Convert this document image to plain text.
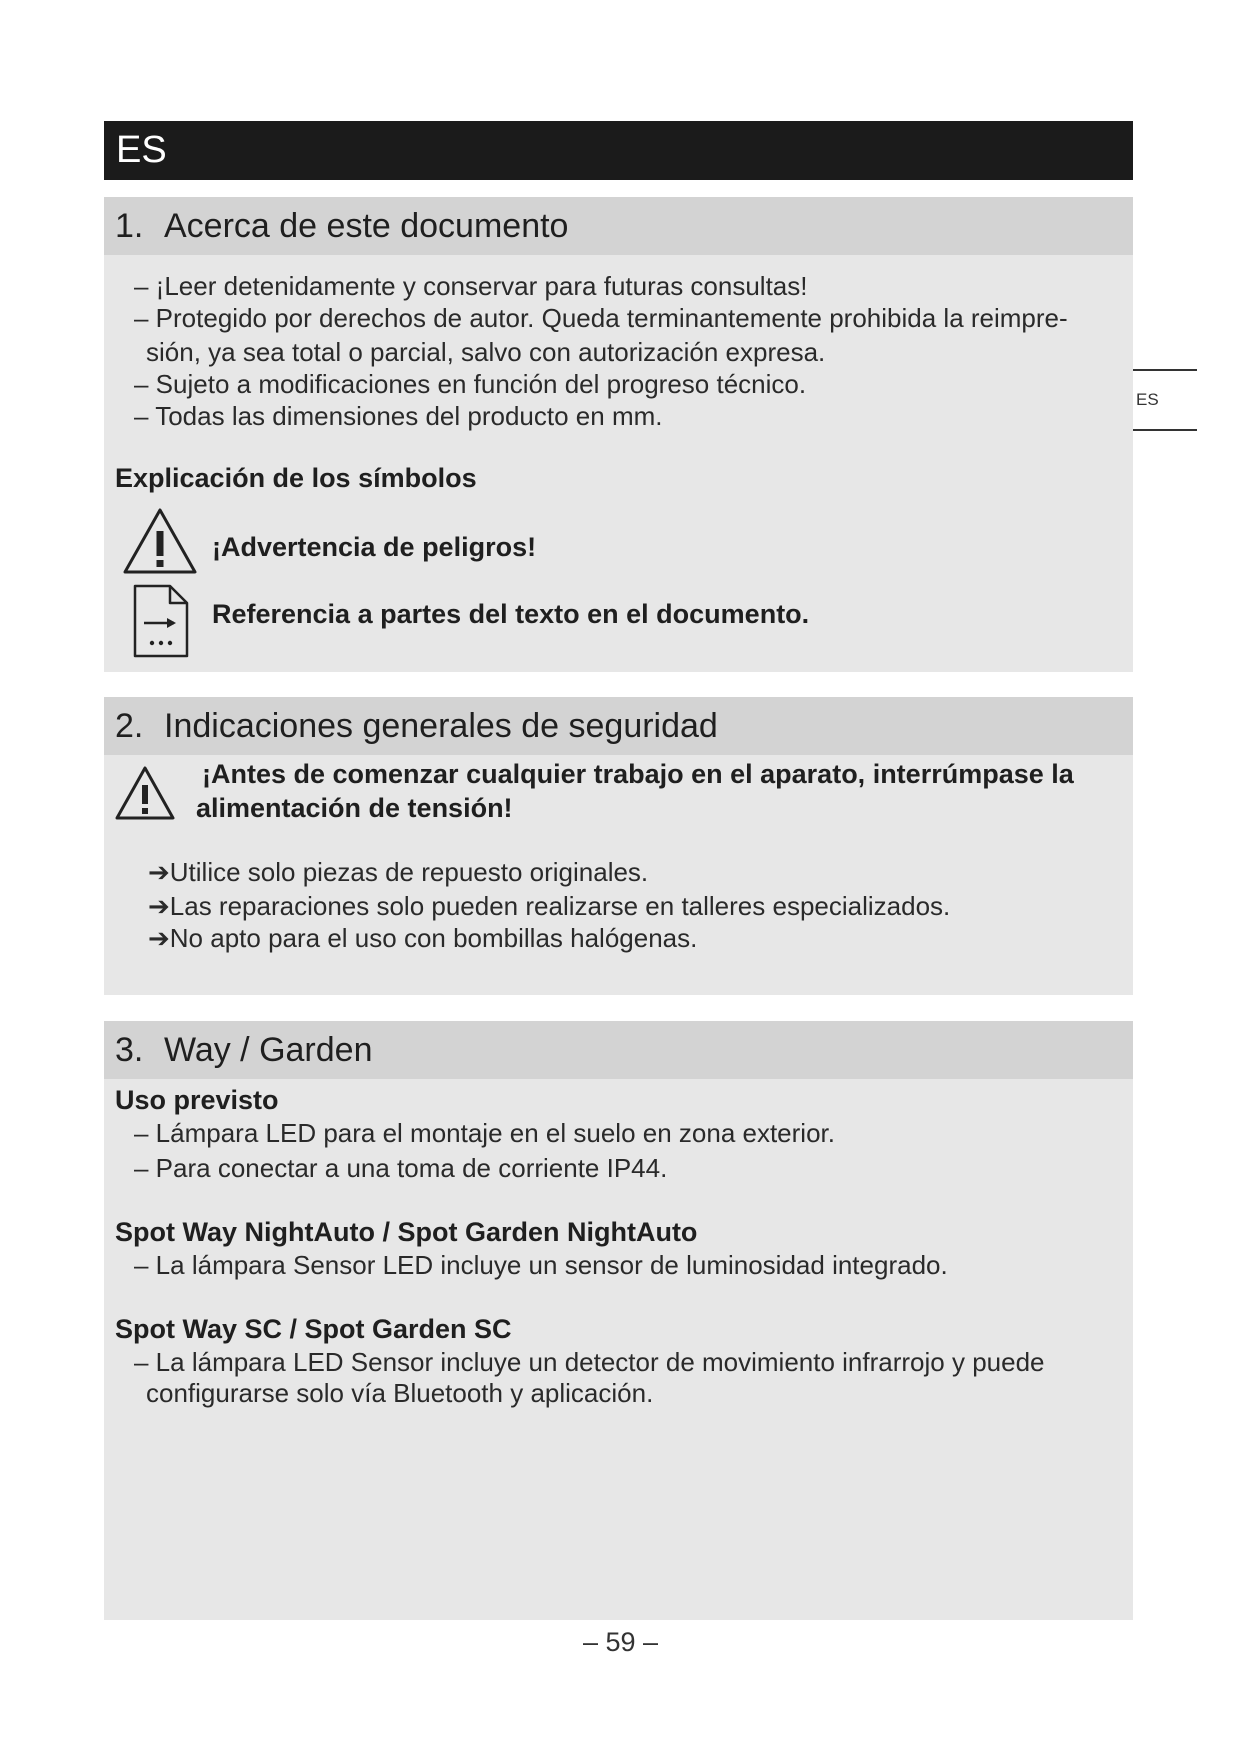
ES
ES
1. Acerca de este documento
– ¡Leer detenidamente y conservar para futuras consultas!
– Protegido por derechos de autor. Queda terminantemente prohibida la reimpre-
sión, ya sea total o parcial, salvo con autorización expresa.
– Sujeto a modificaciones en función del progreso técnico.
– Todas las dimensiones del producto en mm.
Explicación de los símbolos
¡Advertencia de peligros!
Referencia a partes del texto en el documento.
2. Indicaciones generales de seguridad
¡Antes de comenzar cualquier trabajo en el aparato, interrúmpase la
alimentación de tensión!
➔Utilice solo piezas de repuesto originales.
➔Las reparaciones solo pueden realizarse en talleres especializados.
➔No apto para el uso con bombillas halógenas.
3. Way / Garden
Uso previsto
– Lámpara LED para el montaje en el suelo en zona exterior.
– Para conectar a una toma de corriente IP44.
Spot Way NightAuto / Spot Garden NightAuto
– La lámpara Sensor LED incluye un sensor de luminosidad integrado.
Spot Way SC / Spot Garden SC
– La lámpara LED Sensor incluye un detector de movimiento infrarrojo y puede
configurarse solo vía Bluetooth y aplicación.
– 59 –
